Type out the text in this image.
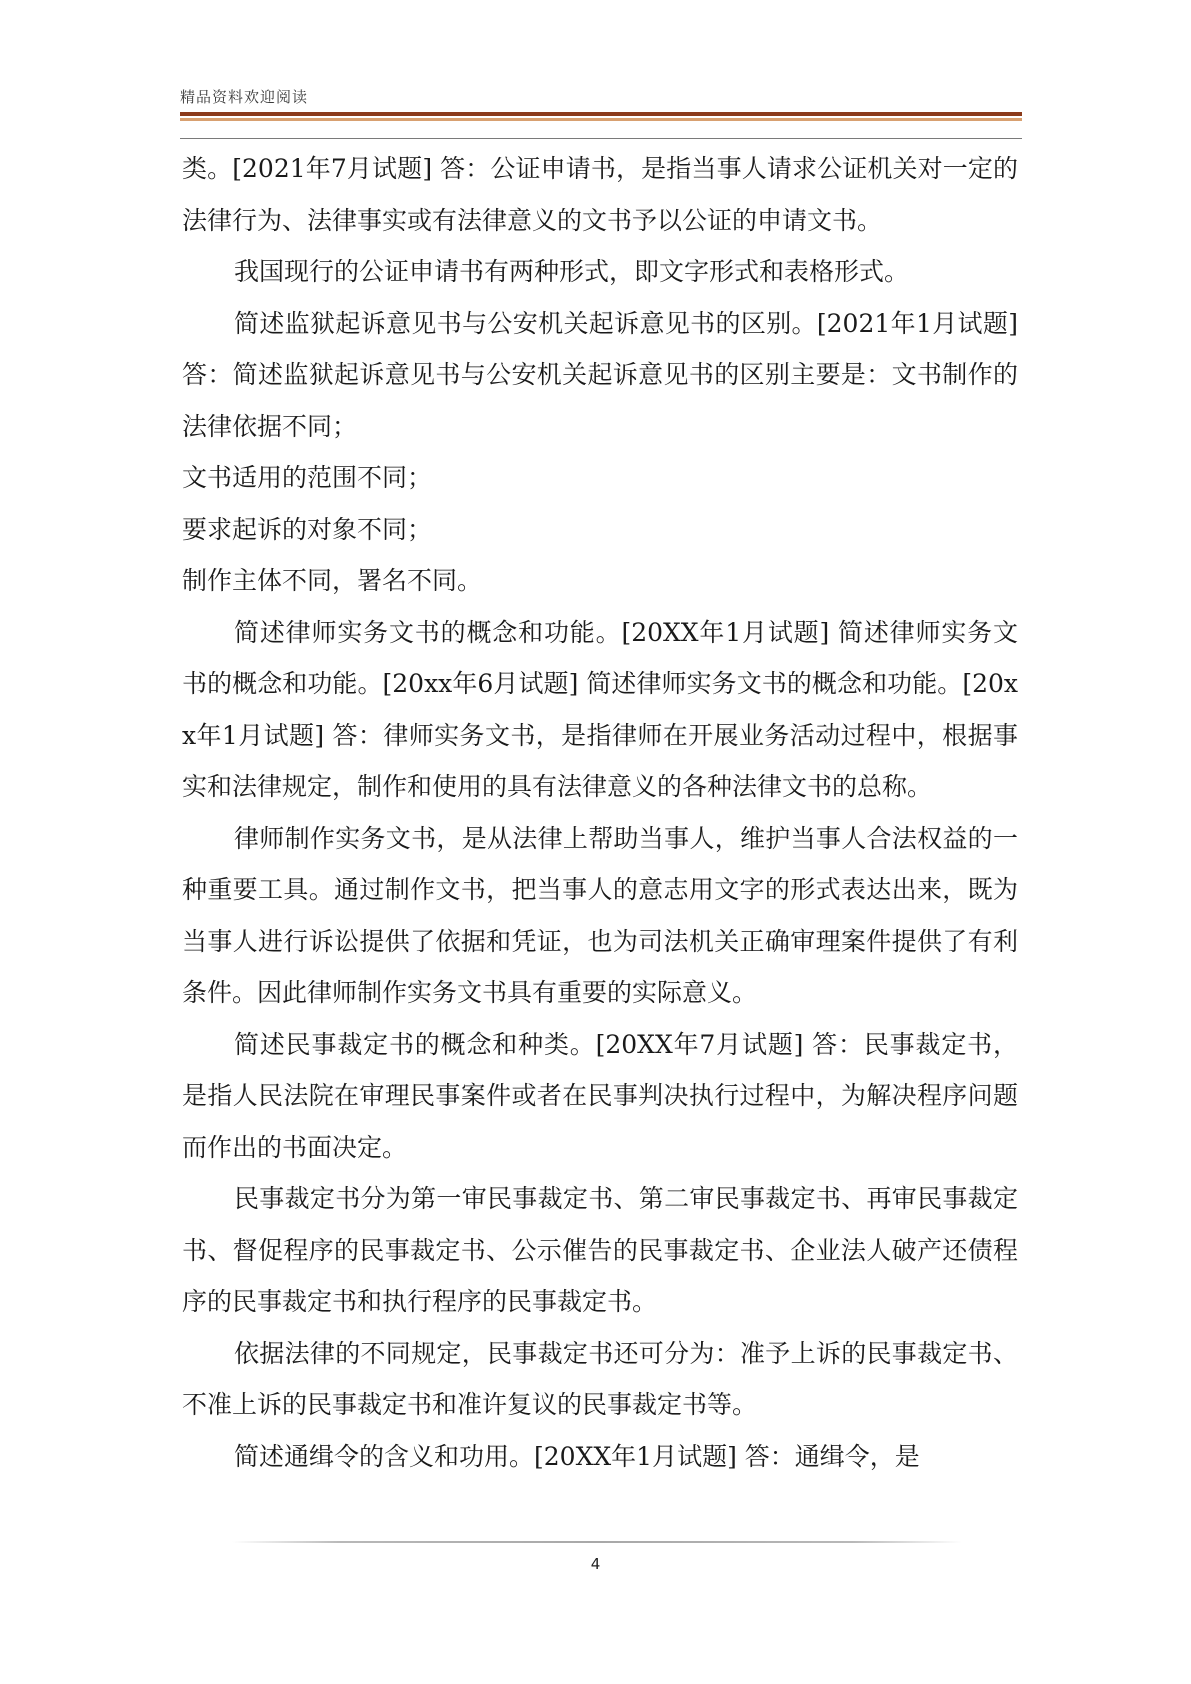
精品资料欢迎阅读

类。[2021年7月试题] 答：公证申请书，是指当事人请求公证机关对一定的法律行为、法律事实或有法律意义的文书予以公证的申请文书。

我国现行的公证申请书有两种形式，即文字形式和表格形式。

简述监狱起诉意见书与公安机关起诉意见书的区别。[2021年1月试题] 答：简述监狱起诉意见书与公安机关起诉意见书的区别主要是：文书制作的法律依据不同；

文书适用的范围不同；

要求起诉的对象不同；

制作主体不同，署名不同。

简述律师实务文书的概念和功能。[20XX年1月试题] 简述律师实务文书的概念和功能。[20xx年6月试题] 简述律师实务文书的概念和功能。[20xx年1月试题] 答：律师实务文书，是指律师在开展业务活动过程中，根据事实和法律规定，制作和使用的具有法律意义的各种法律文书的总称。

律师制作实务文书，是从法律上帮助当事人，维护当事人合法权益的一种重要工具。通过制作文书，把当事人的意志用文字的形式表达出来，既为当事人进行诉讼提供了依据和凭证，也为司法机关正确审理案件提供了有利条件。因此律师制作实务文书具有重要的实际意义。

简述民事裁定书的概念和种类。[20XX年7月试题] 答：民事裁定书，是指人民法院在审理民事案件或者在民事判决执行过程中，为解决程序问题而作出的书面决定。

民事裁定书分为第一审民事裁定书、第二审民事裁定书、再审民事裁定书、督促程序的民事裁定书、公示催告的民事裁定书、企业法人破产还债程序的民事裁定书和执行程序的民事裁定书。

依据法律的不同规定，民事裁定书还可分为：准予上诉的民事裁定书、不准上诉的民事裁定书和准许复议的民事裁定书等。

简述通缉令的含义和功用。[20XX年1月试题] 答：通缉令，是

4
